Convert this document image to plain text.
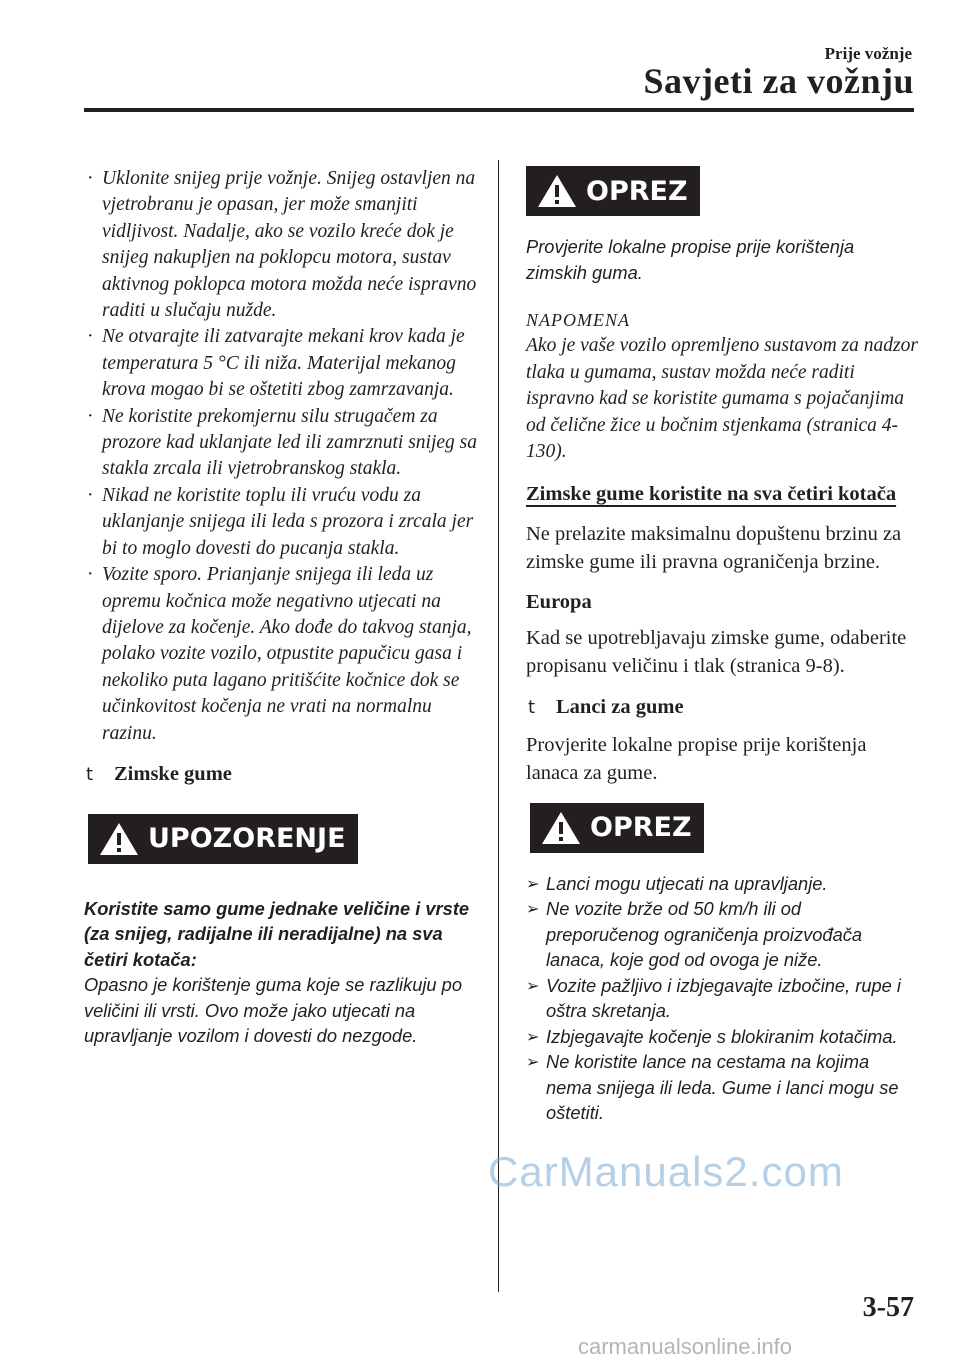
Prije vožnje
Savjeti za vožnju
· Uklonite snijeg prije vožnje. Snijeg ostavljen na vjetrobranu je opasan, jer može smanjiti vidljivost. Nadalje, ako se vozilo kreće dok je snijeg nakupljen na poklopcu motora, sustav aktivnog poklopca motora možda neće ispravno raditi u slučaju nužde.
· Ne otvarajte ili zatvarajte mekani krov kada je temperatura 5 °C ili niža. Materijal mekanog krova mogao bi se oštetiti zbog zamrzavanja.
· Ne koristite prekomjernu silu strugačem za prozore kad uklanjate led ili zamrznuti snijeg sa stakla zrcala ili vjetrobranskog stakla.
· Nikad ne koristite toplu ili vruću vodu za uklanjanje snijega ili leda s prozora i zrcala jer bi to moglo dovesti do pucanja stakla.
· Vozite sporo. Prianjanje snijega ili leda uz opremu kočnica može negativno utjecati na dijelove za kočenje. Ako dođe do takvog stanja, polako vozite vozilo, otpustite papučicu gasa i nekoliko puta lagano pritišćite kočnice dok se učinkovitost kočenja ne vrati na normalnu razinu.
t	Zimske gume
UPOZORENJE
Koristite samo gume jednake veličine i vrste (za snijeg, radijalne ili neradijalne) na sva četiri kotača:
Opasno je korištenje guma koje se razlikuju po veličini ili vrsti. Ovo može jako utjecati na upravljanje vozilom i dovesti do nezgode.
OPREZ
Provjerite lokalne propise prije korištenja zimskih guma.
NAPOMENA
Ako je vaše vozilo opremljeno sustavom za nadzor tlaka u gumama, sustav možda neće raditi ispravno kad se koristite gumama s pojačanjima od čelične žice u bočnim stjenkama (stranica 4-130).
Zimske gume koristite na sva četiri kotača
Ne prelazite maksimalnu dopuštenu brzinu za zimske gume ili pravna ograničenja brzine.
Europa
Kad se upotrebljavaju zimske gume, odaberite propisanu veličinu i tlak (stranica 9-8).
t	Lanci za gume
Provjerite lokalne propise prije korištenja lanaca za gume.
OPREZ
➢ Lanci mogu utjecati na upravljanje.
➢ Ne vozite brže od 50 km/h ili od preporučenog ograničenja proizvođača lanaca, koje god od ovoga je niže.
➢ Vozite pažljivo i izbjegavajte izbočine, rupe i oštra skretanja.
➢ Izbjegavajte kočenje s blokiranim kotačima.
➢ Ne koristite lance na cestama na kojima nema snijega ili leda. Gume i lanci mogu se oštetiti.
CarManuals2.com
3-57
carmanualsonline.info
